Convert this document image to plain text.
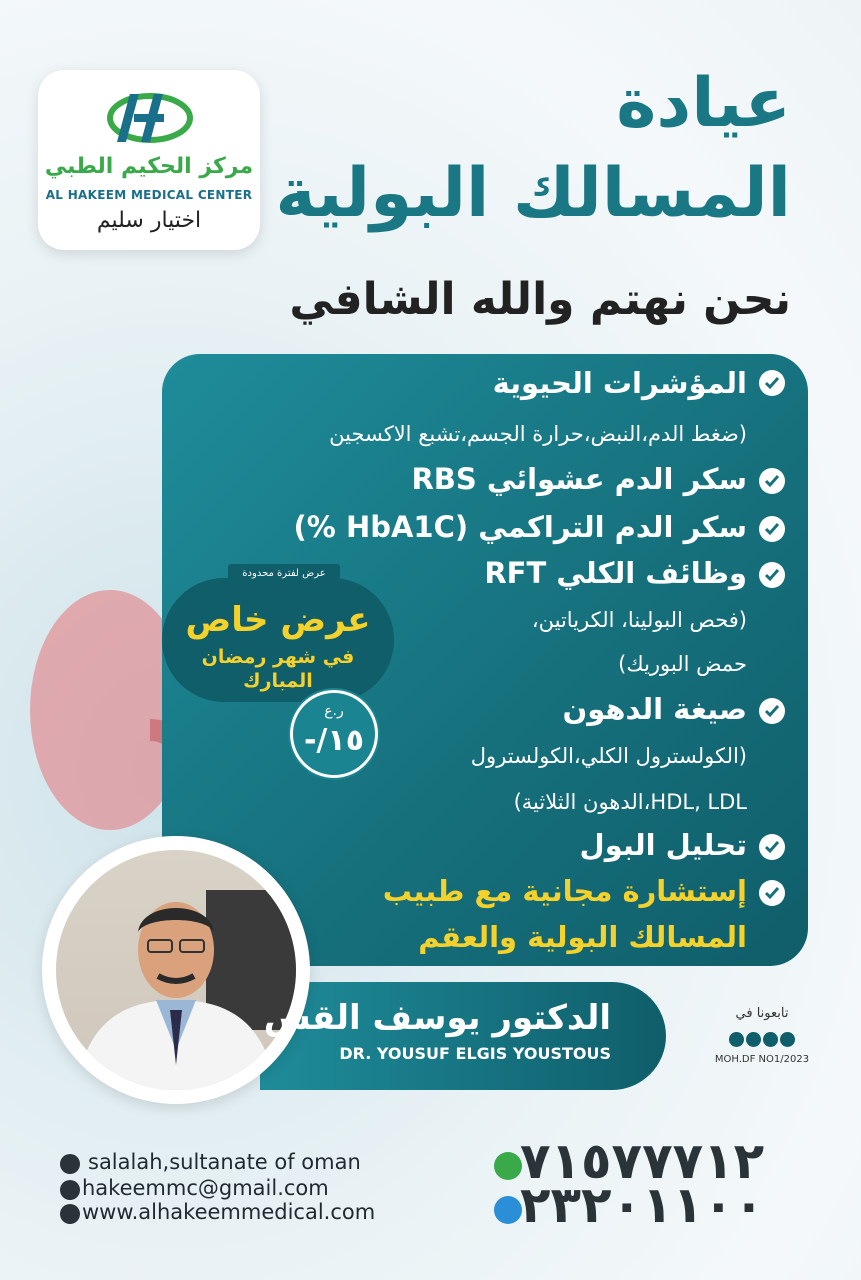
مركز الحكيم الطبي
AL HAKEEM MEDICAL CENTER
اختيار سليم
عيادة
المسالك البولية
نحن نهتم والله الشافي
المؤشرات الحيوية
(ضغط الدم،النبض،حرارة الجسم،تشبع الاكسجين
سكر الدم عشوائي RBS
سكر الدم التراكمي (HbA1C %)
وظائف الكلي RFT
(فحص البولينا، الكرياتين،
حمض البوريك)
صيغة الدهون
(الكولسترول الكلي،الكولسترول
HDL, LDL،الدهون الثلاثية)
تحليل البول
إستشارة مجانية مع طبيب
المسالك البولية والعقم
عرض لفترة محدودة
عرض خاص
في شهر رمضان
المبارك
ر.ع
-/١٥
الدكتور يوسف القس
DR. YOUSUF ELGIS YOUSTOUS
تابعونا في
MOH.DF NO1/2023
salalah,sultanate of oman
hakeemmc@gmail.com
www.alhakeemmedical.com
٧١٥٧٧٧١٢
٢٣٢٠١١٠٠
